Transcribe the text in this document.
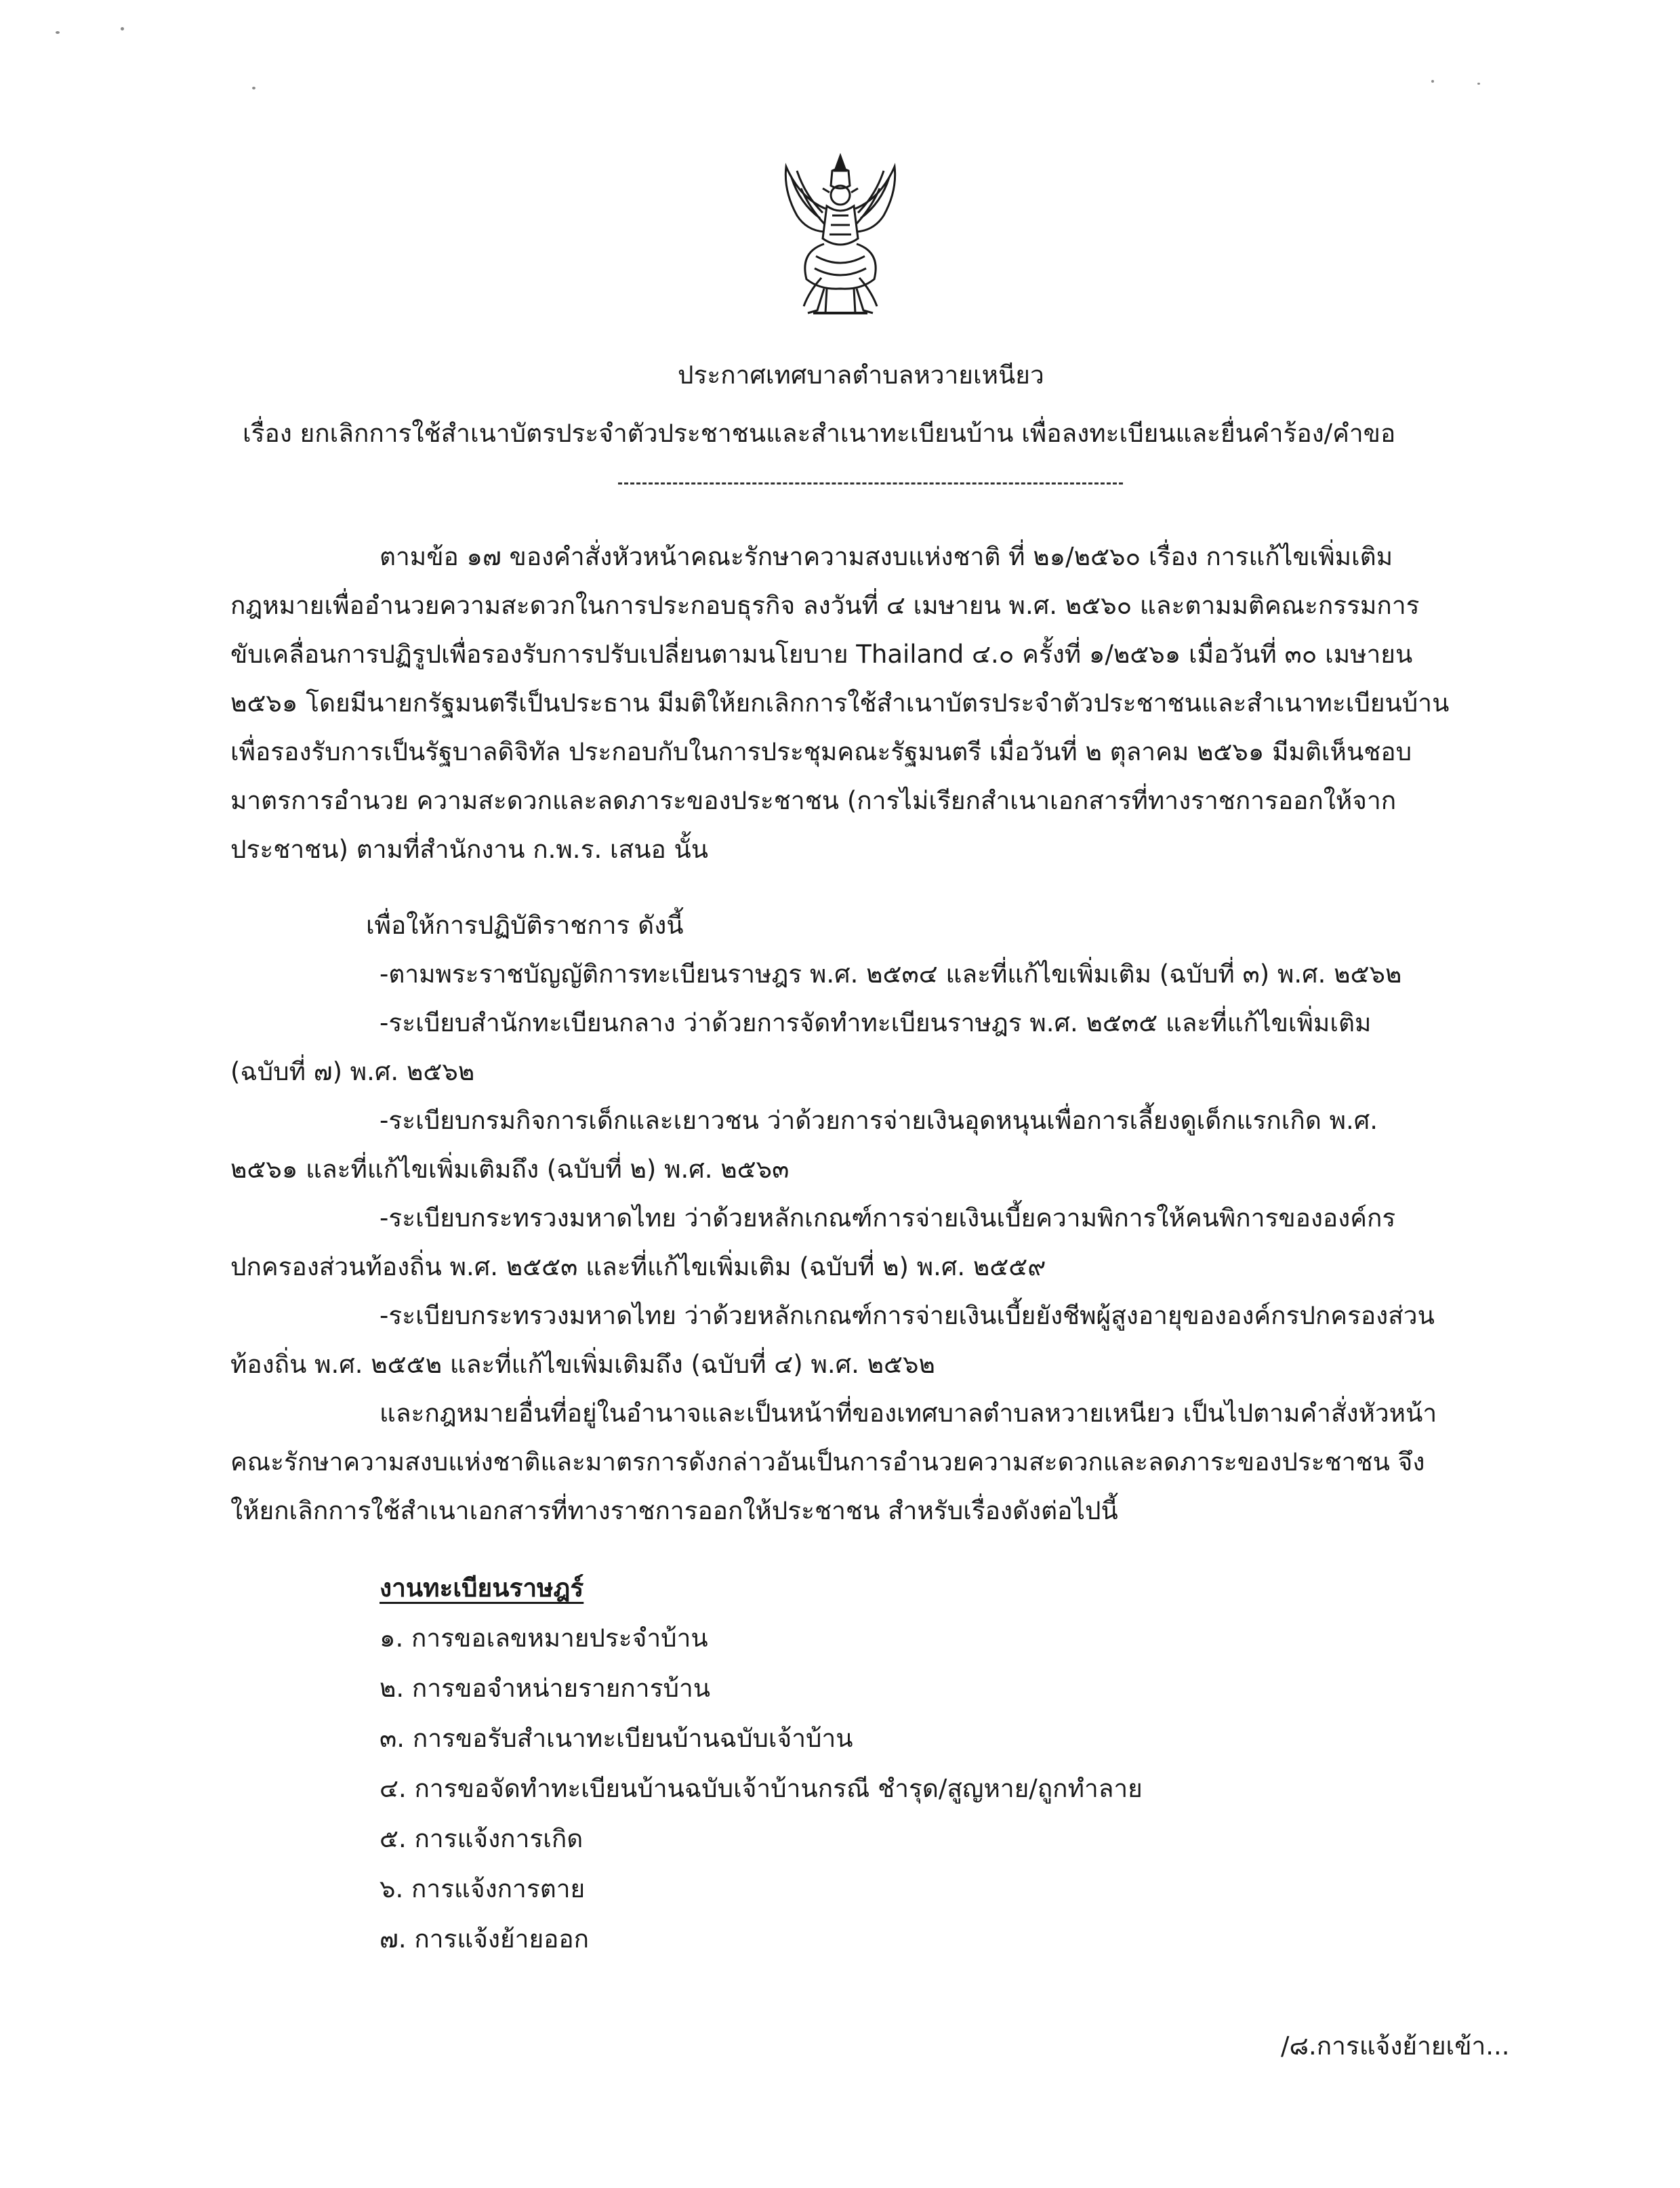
ประกาศเทศบาลตำบลหวายเหนียว
เรื่อง ยกเลิกการใช้สำเนาบัตรประจำตัวประชาชนและสำเนาทะเบียนบ้าน เพื่อลงทะเบียนและยื่นคำร้อง/คำขอ
ตามข้อ ๑๗ ของคำสั่งหัวหน้าคณะรักษาความสงบแห่งชาติ ที่ ๒๑/๒๕๖๐ เรื่อง การแก้ไขเพิ่มเติม
กฎหมายเพื่ออำนวยความสะดวกในการประกอบธุรกิจ ลงวันที่ ๔ เมษายน พ.ศ. ๒๕๖๐ และตามมติคณะกรรมการ
ขับเคลื่อนการปฏิรูปเพื่อรองรับการปรับเปลี่ยนตามนโยบาย Thailand ๔.๐ ครั้งที่ ๑/๒๕๖๑ เมื่อวันที่ ๓๐ เมษายน
๒๕๖๑ โดยมีนายกรัฐมนตรีเป็นประธาน มีมติให้ยกเลิกการใช้สำเนาบัตรประจำตัวประชาชนและสำเนาทะเบียนบ้าน
เพื่อรองรับการเป็นรัฐบาลดิจิทัล ประกอบกับในการประชุมคณะรัฐมนตรี เมื่อวันที่ ๒ ตุลาคม ๒๕๖๑ มีมติเห็นชอบ
มาตรการอำนวย ความสะดวกและลดภาระของประชาชน (การไม่เรียกสำเนาเอกสารที่ทางราชการออกให้จาก
ประชาชน) ตามที่สำนักงาน ก.พ.ร. เสนอ นั้น
เพื่อให้การปฏิบัติราชการ ดังนี้
-ตามพระราชบัญญัติการทะเบียนราษฎร พ.ศ. ๒๕๓๔ และที่แก้ไขเพิ่มเติม (ฉบับที่ ๓) พ.ศ. ๒๕๖๒
-ระเบียบสำนักทะเบียนกลาง ว่าด้วยการจัดทำทะเบียนราษฎร พ.ศ. ๒๕๓๕ และที่แก้ไขเพิ่มเติม
(ฉบับที่ ๗) พ.ศ. ๒๕๖๒
-ระเบียบกรมกิจการเด็กและเยาวชน ว่าด้วยการจ่ายเงินอุดหนุนเพื่อการเลี้ยงดูเด็กแรกเกิด พ.ศ.
๒๕๖๑ และที่แก้ไขเพิ่มเติมถึง (ฉบับที่ ๒) พ.ศ. ๒๕๖๓
-ระเบียบกระทรวงมหาดไทย ว่าด้วยหลักเกณฑ์การจ่ายเงินเบี้ยความพิการให้คนพิการขององค์กร
ปกครองส่วนท้องถิ่น พ.ศ. ๒๕๕๓ และที่แก้ไขเพิ่มเติม (ฉบับที่ ๒) พ.ศ. ๒๕๕๙
-ระเบียบกระทรวงมหาดไทย ว่าด้วยหลักเกณฑ์การจ่ายเงินเบี้ยยังชีพผู้สูงอายุขององค์กรปกครองส่วน
ท้องถิ่น พ.ศ. ๒๕๕๒ และที่แก้ไขเพิ่มเติมถึง (ฉบับที่ ๔) พ.ศ. ๒๕๖๒
และกฎหมายอื่นที่อยู่ในอำนาจและเป็นหน้าที่ของเทศบาลตำบลหวายเหนียว เป็นไปตามคำสั่งหัวหน้า
คณะรักษาความสงบแห่งชาติและมาตรการดังกล่าวอันเป็นการอำนวยความสะดวกและลดภาระของประชาชน จึง
ให้ยกเลิกการใช้สำเนาเอกสารที่ทางราชการออกให้ประชาชน สำหรับเรื่องดังต่อไปนี้
งานทะเบียนราษฎร์
๑. การขอเลขหมายประจำบ้าน
๒. การขอจำหน่ายรายการบ้าน
๓. การขอรับสำเนาทะเบียนบ้านฉบับเจ้าบ้าน
๔. การขอจัดทำทะเบียนบ้านฉบับเจ้าบ้านกรณี ชำรุด/สูญหาย/ถูกทำลาย
๕. การแจ้งการเกิด
๖. การแจ้งการตาย
๗. การแจ้งย้ายออก
/๘.การแจ้งย้ายเข้า...
